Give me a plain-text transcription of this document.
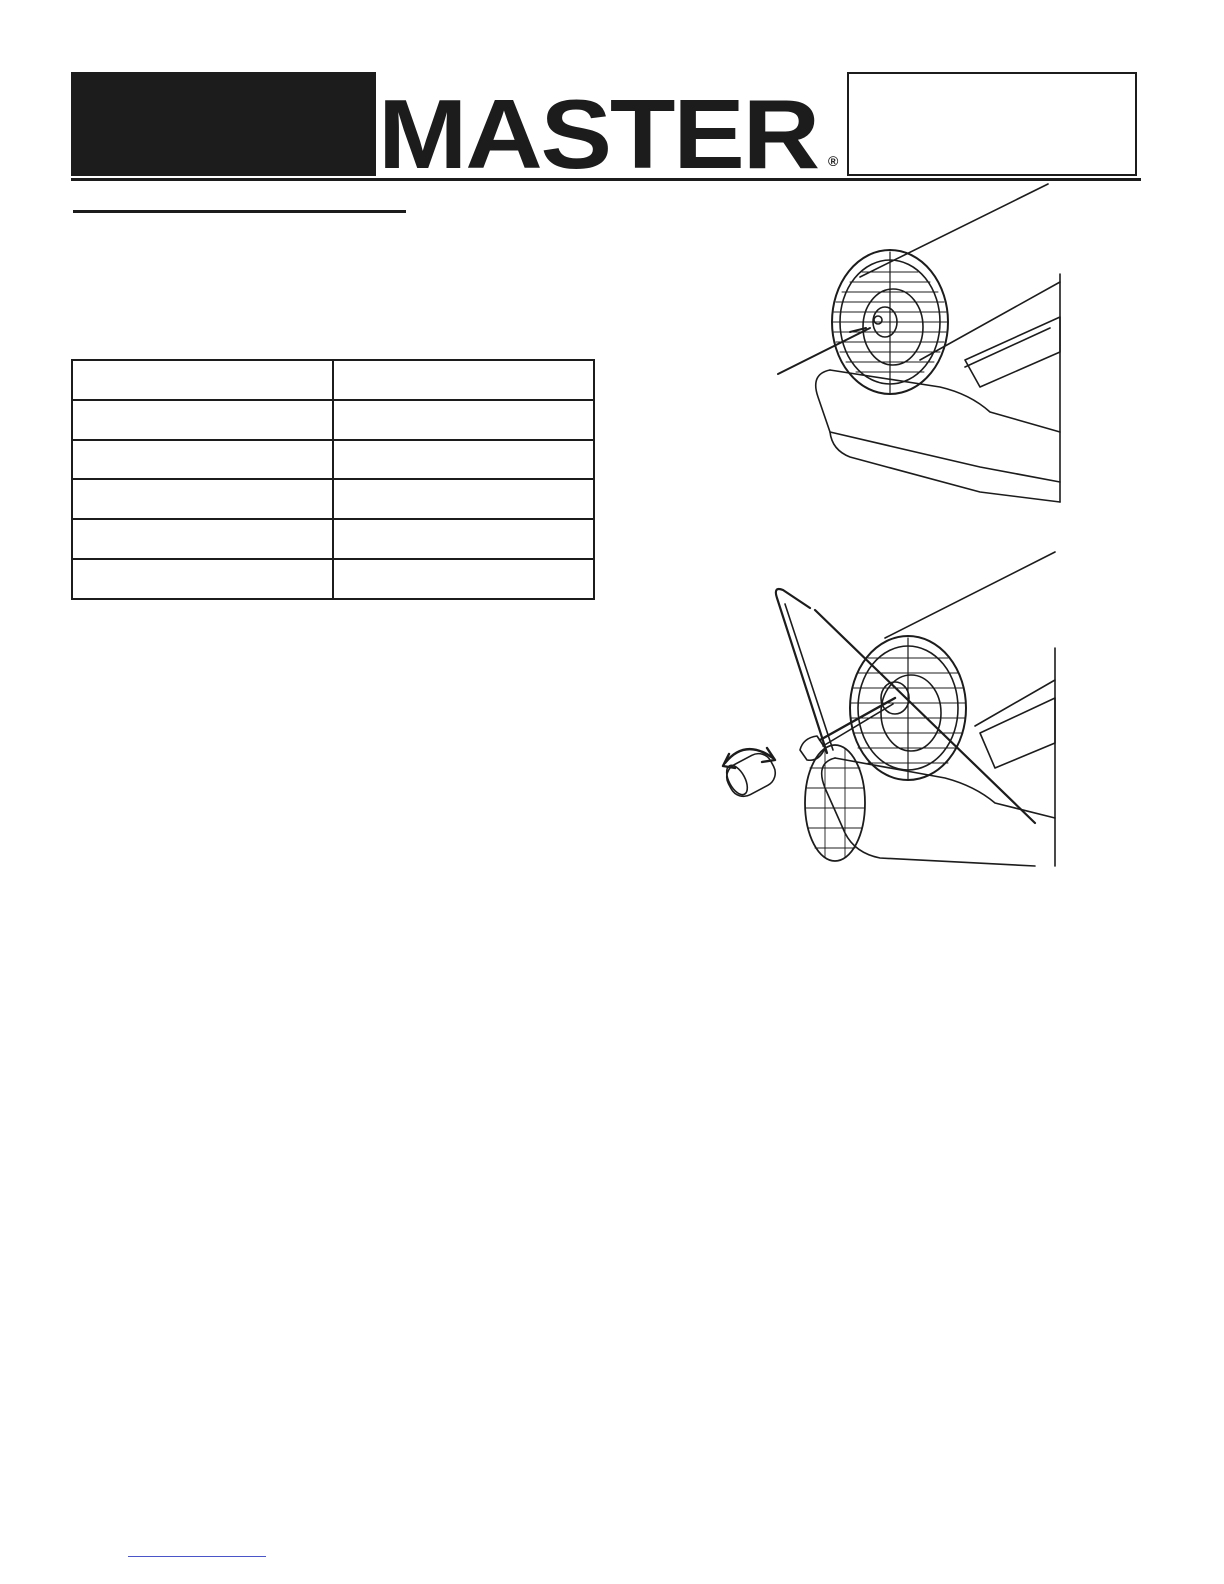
MASTER ®
